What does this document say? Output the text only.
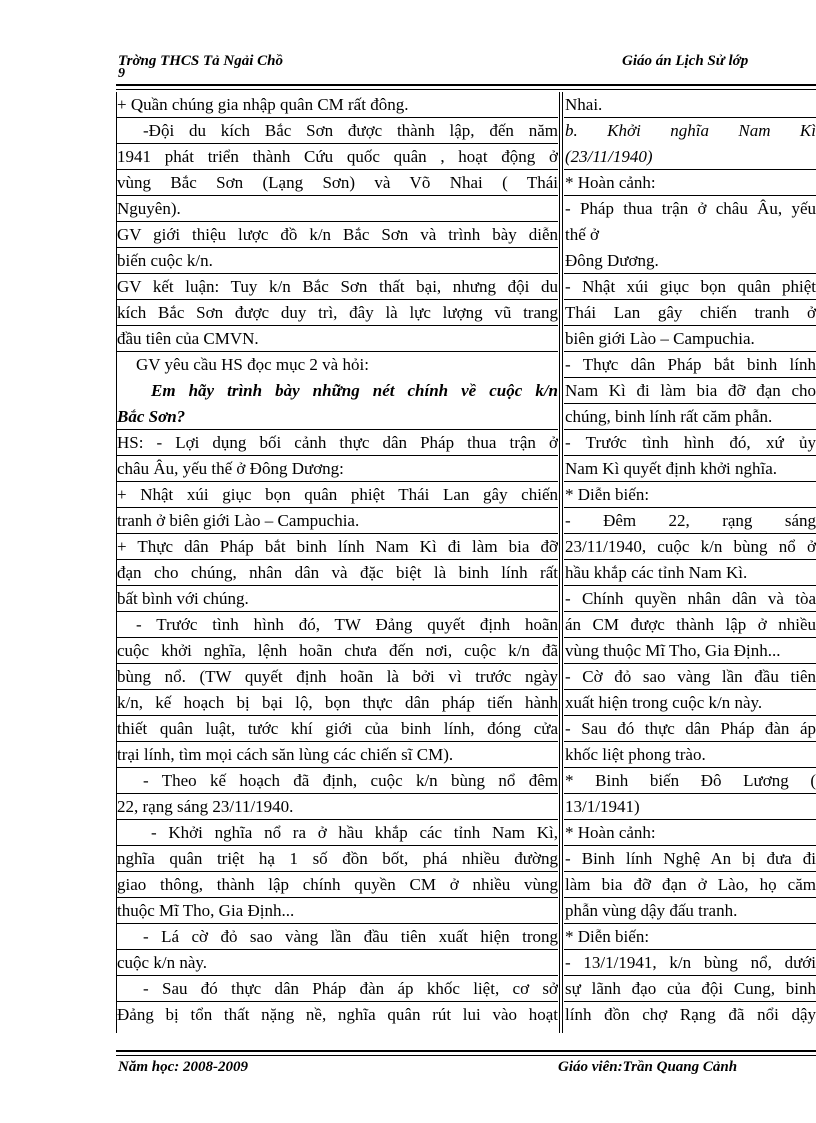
Trờng THCS Tả Ngải Chồ
9
Giáo án Lịch Sử lớp
+ Quần chúng gia nhập quân CM rất đông.
-Đội du kích Bắc Sơn được thành lập, đến năm
1941 phát triển thành Cứu quốc quân , hoạt động ở
vùng Bắc Sơn (Lạng Sơn) và Võ Nhai ( Thái
Nguyên).
GV giới thiệu lược đồ k/n Bắc Sơn và trình bày diễn
biến cuộc k/n.
GV kết luận: Tuy k/n Bắc Sơn thất bại, nhưng đội du
kích Bắc Sơn được duy trì, đây là lực lượng vũ trang
đầu tiên của CMVN.
GV yêu cầu HS đọc mục 2 và hỏi:
Em hãy trình bày những nét chính về cuộc k/n
Bắc Sơn?
HS: - Lợi dụng bối cảnh thực dân Pháp thua trận ở
châu Âu, yếu thế ở Đông Dương:
+ Nhật xúi giục bọn quân phiệt Thái Lan gây chiến
tranh ở biên giới Lào – Campuchia.
+ Thực dân Pháp bắt binh lính Nam Kì đi làm bia đỡ
đạn cho chúng, nhân dân và đặc biệt là binh lính rất
bất bình với chúng.
- Trước tình hình đó, TW Đảng quyết định hoãn
cuộc khởi nghĩa, lệnh hoãn chưa đến nơi, cuộc k/n đã
bùng nổ. (TW quyết định hoãn là bởi vì trước ngày
k/n, kế hoạch bị bại lộ, bọn thực dân pháp tiến hành
thiết quân luật, tước khí giới của binh lính, đóng cửa
trại lính, tìm mọi cách săn lùng các chiến sĩ CM).
- Theo kế hoạch đã định, cuộc k/n bùng nổ đêm
22, rạng sáng 23/11/1940.
- Khởi nghĩa nổ ra ở hầu khắp các tỉnh Nam Kì,
nghĩa quân triệt hạ 1 số đồn bốt, phá nhiều đường
giao thông, thành lập chính quyền CM ở nhiều vùng
thuộc Mĩ Tho, Gia Định...
- Lá cờ đỏ sao vàng lần đầu tiên xuất hiện trong
cuộc k/n này.
- Sau đó thực dân Pháp đàn áp khốc liệt, cơ sở
Đảng bị tổn thất nặng nề, nghĩa quân rút lui vào hoạt
Nhai.
b. Khởi nghĩa Nam Kì
(23/11/1940)
* Hoàn cảnh:
- Pháp thua trận ở châu Âu, yếu
thế ở
Đông Dương.
- Nhật xúi giục bọn quân phiệt
Thái Lan gây chiến tranh ở
biên giới Lào – Campuchia.
- Thực dân Pháp bắt binh lính
Nam Kì đi làm bia đỡ đạn cho
chúng, binh lính rất căm phẫn.
- Trước tình hình đó, xứ ủy
Nam Kì quyết định khởi nghĩa.
* Diễn biến:
- Đêm 22, rạng sáng
23/11/1940, cuộc k/n bùng nổ ở
hầu khắp các tỉnh Nam Kì.
- Chính quyền nhân dân và tòa
án CM được thành lập ở nhiều
vùng thuộc Mĩ Tho, Gia Định...
- Cờ đỏ sao vàng lần đầu tiên
xuất hiện trong cuộc k/n này.
- Sau đó thực dân Pháp đàn áp
khốc liệt phong trào.
* Binh biến Đô Lương (
13/1/1941)
* Hoàn cảnh:
- Binh lính Nghệ An bị đưa đi
làm bia đỡ đạn ở Lào, họ căm
phẫn vùng dậy đấu tranh.
* Diễn biến:
- 13/1/1941, k/n bùng nổ, dưới
sự lãnh đạo của đội Cung, binh
lính đồn chợ Rạng đã nổi dậy
Năm học: 2008-2009	Giáo viên:Trần Quang Cảnh
